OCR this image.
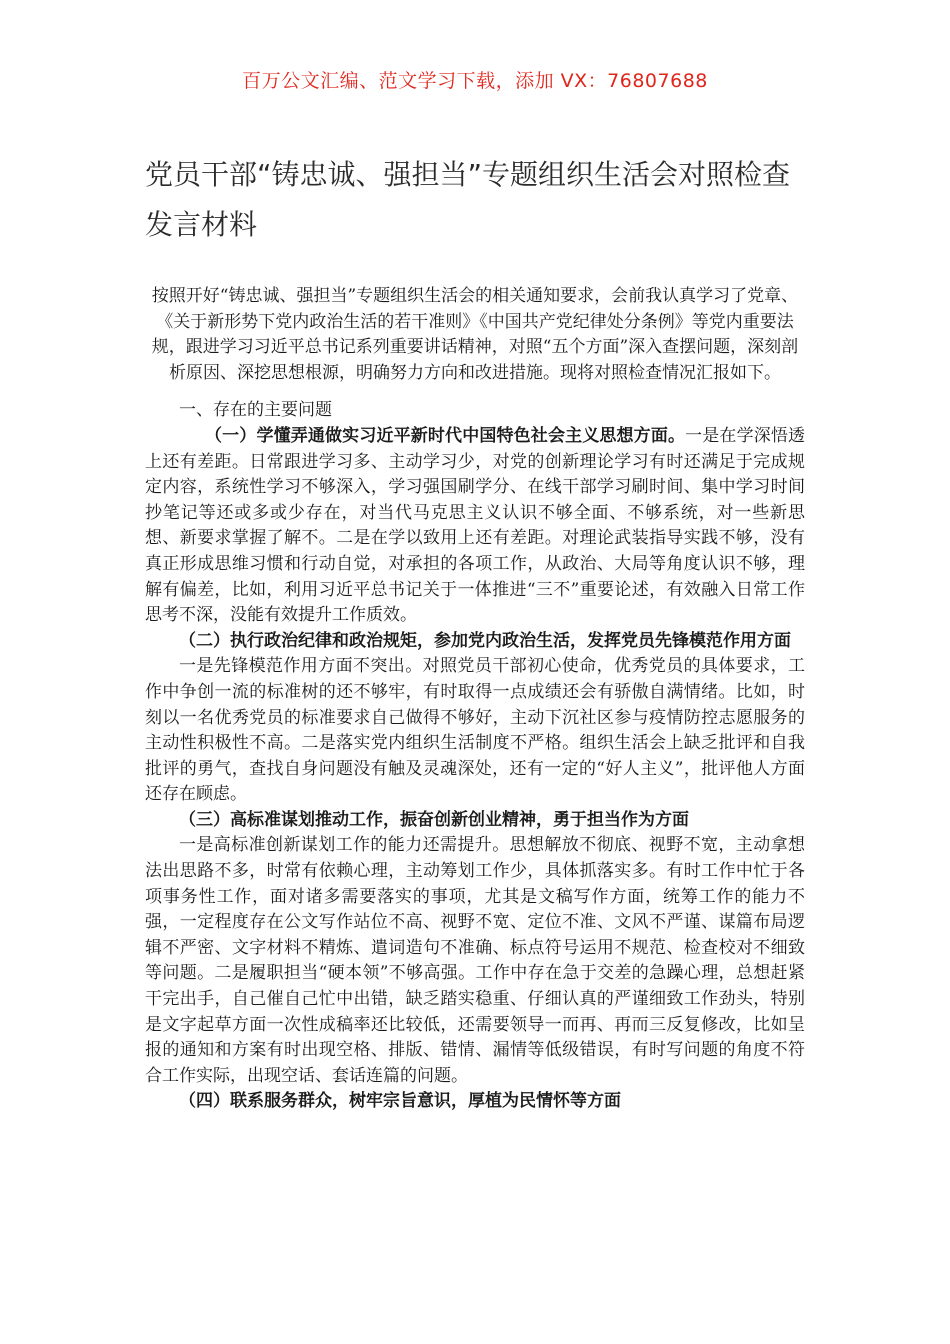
百万公文汇编、范文学习下载，添加 VX：76807688
党员干部“铸忠诚、强担当”专题组织生活会对照检查发言材料

按照开好“铸忠诚、强担当”专题组织生活会的相关通知要求，会前我认真学习了党章、《关于新形势下党内政治生活的若干准则》《中国共产党纪律处分条例》等党内重要法规，跟进学习习近平总书记系列重要讲话精神，对照“五个方面”深入查摆问题，深刻剖析原因、深挖思想根源，明确努力方向和改进措施。现将对照检查情况汇报如下。

一、存在的主要问题

（一）学懂弄通做实习近平新时代中国特色社会主义思想方面。一是在学深悟透上还有差距。日常跟进学习多、主动学习少，对党的创新理论学习有时还满足于完成规定内容，系统性学习不够深入，学习强国刷学分、在线干部学习刷时间、集中学习时间抄笔记等还或多或少存在，对当代马克思主义认识不够全面、不够系统，对一些新思想、新要求掌握了解不。二是在学以致用上还有差距。对理论武装指导实践不够，没有真正形成思维习惯和行动自觉，对承担的各项工作，从政治、大局等角度认识不够，理解有偏差，比如，利用习近平总书记关于一体推进“三不”重要论述，有效融入日常工作思考不深，没能有效提升工作质效。

（二）执行政治纪律和政治规矩，参加党内政治生活，发挥党员先锋模范作用方面

一是先锋模范作用方面不突出。对照党员干部初心使命，优秀党员的具体要求，工作中争创一流的标准树的还不够牢，有时取得一点成绩还会有骄傲自满情绪。比如，时刻以一名优秀党员的标准要求自己做得不够好，主动下沉社区参与疫情防控志愿服务的主动性积极性不高。二是落实党内组织生活制度不严格。组织生活会上缺乏批评和自我批评的勇气，查找自身问题没有触及灵魂深处，还有一定的“好人主义”，批评他人方面还存在顾虑。

（三）高标准谋划推动工作，振奋创新创业精神，勇于担当作为方面

一是高标准创新谋划工作的能力还需提升。思想解放不彻底、视野不宽，主动拿想法出思路不多，时常有依赖心理，主动筹划工作少，具体抓落实多。有时工作中忙于各项事务性工作，面对诸多需要落实的事项，尤其是文稿写作方面，统筹工作的能力不强，一定程度存在公文写作站位不高、视野不宽、定位不准、文风不严谨、谋篇布局逻辑不严密、文字材料不精炼、遣词造句不准确、标点符号运用不规范、检查校对不细致等问题。二是履职担当“硬本领”不够高强。工作中存在急于交差的急躁心理，总想赶紧干完出手，自己催自己忙中出错，缺乏踏实稳重、仔细认真的严谨细致工作劲头，特别是文字起草方面一次性成稿率还比较低，还需要领导一而再、再而三反复修改，比如呈报的通知和方案有时出现空格、排版、错情、漏情等低级错误，有时写问题的角度不符合工作实际，出现空话、套话连篇的问题。

（四）联系服务群众，树牢宗旨意识，厚植为民情怀等方面
